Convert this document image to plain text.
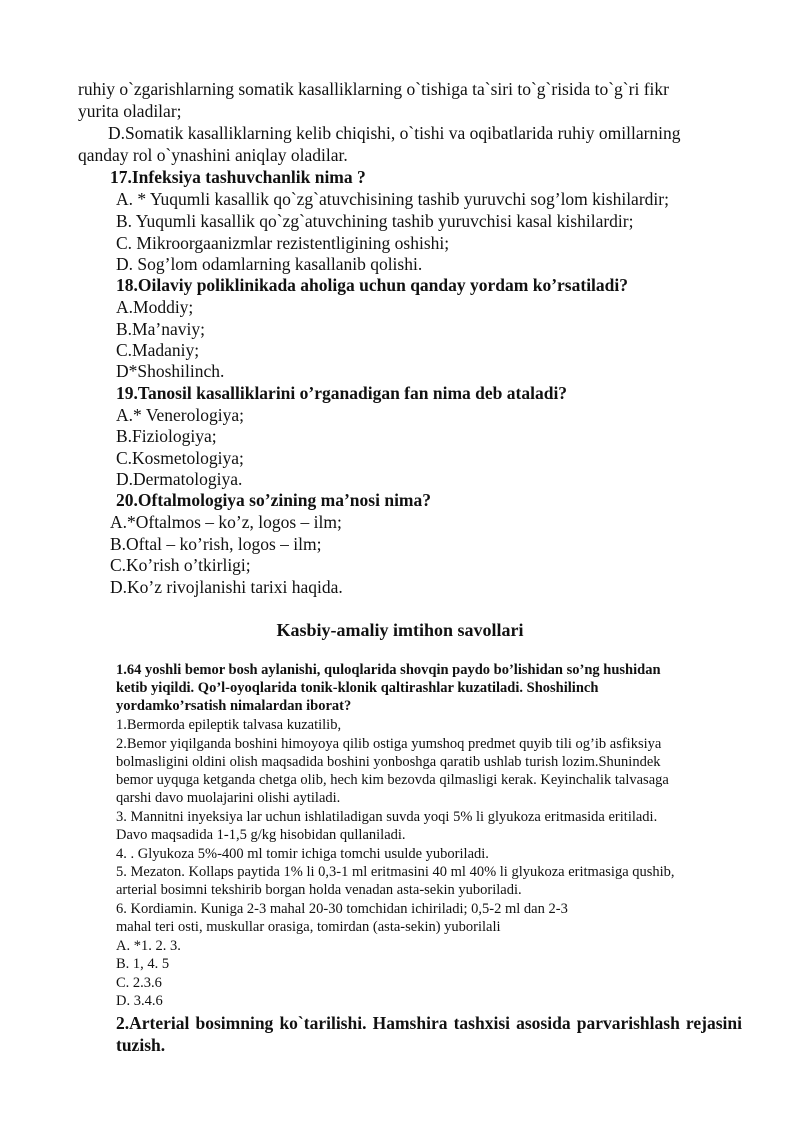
ruhiy o`zgarishlarning somatik kasalliklarning o`tishiga ta`siri to`g`risida to`g`ri fikr
yurita oladilar;
D.Somatik kasalliklarning kelib chiqishi, o`tishi va oqibatlarida ruhiy omillarning
qanday rol o`ynashini aniqlay oladilar.
17.Infeksiya tashuvchanlik nima ?
A. * Yuqumli kasallik qo`zg`atuvchisining tashib yuruvchi sog’lom kishilardir;
B. Yuqumli kasallik qo`zg`atuvchining tashib yuruvchisi kasal kishilardir;
C. Mikroorgaanizmlar rezistentligining oshishi;
D. Sog’lom odamlarning kasallanib qolishi.
18.Oilaviy poliklinikada aholiga uchun qanday yordam ko’rsatiladi?
A.Moddiy;
B.Ma’naviy;
C.Madaniy;
D*Shoshilinch.
19.Tanosil kasalliklarini o’rganadigan fan nima deb ataladi?
A.* Venerologiya;
B.Fiziologiya;
C.Kosmetologiya;
D.Dermatologiya.
20.Oftalmologiya so’zining ma’nosi nima?
A.*Oftalmos – ko’z, logos – ilm;
B.Oftal – ko’rish, logos – ilm;
C.Ko’rish o’tkirligi;
D.Ko’z rivojlanishi tarixi haqida.
Kasbiy-amaliy imtihon savollari
1.64 yoshli bemor bosh aylanishi, quloqlarida shovqin paydo bo’lishidan so’ng hushidan
ketib yiqildi. Qo’l-oyoqlarida tonik-klonik qaltirashlar kuzatiladi. Shoshilinch
yordamko’rsatish nimalardan iborat?
1.Bermorda epileptik talvasa kuzatilib,
2.Bemor yiqilganda boshini himoyoya qilib ostiga yumshoq predmet quyib tili og’ib asfiksiya
bolmasligini oldini olish maqsadida boshini yonboshga qaratib ushlab turish lozim.Shunindek
bemor uyquga ketganda chetga olib, hech kim bezovda qilmasligi kerak. Keyinchalik talvasaga
qarshi davo muolajarini olishi aytiladi.
3. Mannitni inyeksiya lar uchun ishlatiladigan suvda yoqi 5% li glyukoza eritmasida eritiladi.
Davo maqsadida 1-1,5 g/kg hisobidan qullaniladi.
4. . Glyukoza 5%-400 ml tomir ichiga tomchi usulde yuboriladi.
5. Mezaton. Kollaps paytida 1% li 0,3-1 ml eritmasini 40 ml 40% li glyukoza eritmasiga qushib,
arterial bosimni tekshirib borgan holda venadan asta-sekin yuboriladi.
6. Kordiamin. Kuniga 2-3 mahal 20-30 tomchidan ichiriladi; 0,5-2 ml dan 2-3
mahal teri osti, muskullar orasiga, tomirdan (asta-sekin) yuborilali
A. *1. 2. 3.
B. 1, 4. 5
C. 2.3.6
D. 3.4.6
2.Arterial bosimning ko`tarilishi. Hamshira tashxisi asosida parvarishlash rejasini
tuzish.
